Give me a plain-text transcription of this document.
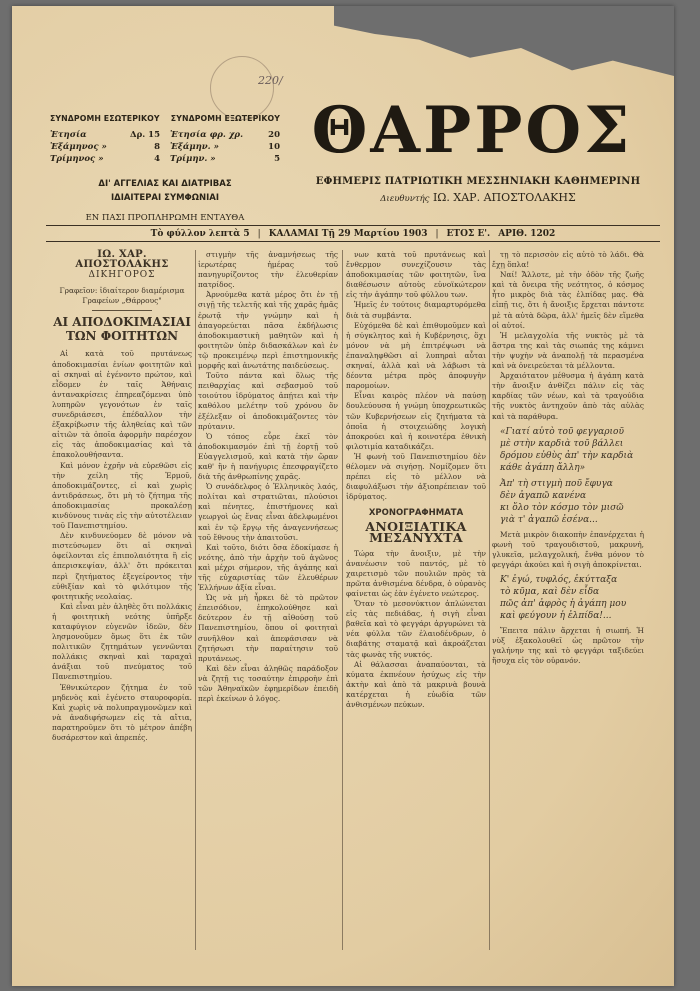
220/
ΣΥΝΔΡΟΜΗ ΕΣΩΤΕΡΙΚΟΥ ΣΥΝΔΡΟΜΗ ΕΞΩΤΕΡΙΚΟΥ
Ἐτησία	Δρ. 15
Ἐξάμηνος »	8
Τρίμηνος »	4
Ἐτησία φρ. χρ.	20
Ἐξάμην. »	10
Τρίμην. »	5
ΔΙ' ΑΓΓΕΛΙΑΣ ΚΑΙ ΔΙΑΤΡΙΒΑΣ
ΙΔΙΑΙΤΕΡΑΙ ΣΥΜΦΩΝΙΑΙ
ΕΝ ΠΑΣΙ ΠΡΟΠΛΗΡΩΜΗ ΕΝΤΑΥΘΑ
ΘΑΡΡΟΣ
ΕΦΗΜΕΡΙΣ ΠΑΤΡΙΩΤΙΚΗ ΜΕΣΣΗΝΙΑΚΗ ΚΑΘΗΜΕΡΙΝΗ
Διευθυντής ΙΩ. ΧΑΡ. ΑΠΟΣΤΟΛΑΚΗΣ
Τὸ φύλλον λεπτὰ 5 | ΚΑΛΑΜΑΙ Τῇ 29 Μαρτίου 1903 | ΕΤΟΣ Ε'. ΑΡΙΘ. 1202
ΙΩ. ΧΑΡ. ΑΠΟΣΤΟΛΑΚΗΣ
ΔΙΚΗΓΟΡΟΣ
Γραφεῖον: ἰδιαίτερον διαμέρισμα
Γραφείων „Θάρρους"
ΑΙ ΑΠΟΔΟΚΙΜΑΣΙΑΙ
ΤΩΝ ΦΟΙΤΗΤΩΝ

Αἱ κατὰ τοῦ πρυτάνεως ἀποδοκιμασίαι ἐνίων φοιτητῶν καὶ αἱ σκηναὶ αἱ ἐγένοντο πρώτον, καὶ εἶδομεν ἐν ταῖς Ἀθήναις ἀντανακρίσεις ἐπηρεαζόμεναι ὑπὸ λυπηρῶν γεγονότων ἐν ταῖς συνεδριάσεσι, ἐπέδαλλον τὴν ἐξακρίβωσιν τῆς ἀληθείας καὶ τῶν αἰτιῶν τὰ ὁποῖα ἀφορμὴν παρέσχον εἰς τὰς ἀποδοκιμασίας καὶ τὰ ἐπακολουθήσαντα.

Καὶ μόνον ἐχρῆν νὰ εὑρεθῶσι εἰς τὴν χείλη τῆς Ἑρμοῦ, ἀποδοκιμάζοντες, εἰ καὶ χωρὶς ἀντιδράσεως, ὅτι μὴ τὸ ζήτημα τῆς ἀποδοκιμασίας προκαλέσῃ κινδύνους τινὰς εἰς τὴν αὐτοτέλειαν τοῦ Πανεπιστημίου.

Δὲν κινδυνεύομεν δὲ μόνον νὰ πιστεύσωμεν ὅτι αἱ σκηναὶ ὀφείλονται εἰς ἐπιπολαιότητα ἢ εἰς ἀπερισκεψίαν, ἀλλ' ὅτι πρόκειται περὶ ζητήματος ἐξεγείροντος τὴν εὐθιξίαν καὶ τὸ φιλότιμον τῆς φοιτητικῆς νεολαίας.

Καὶ εἶναι μὲν ἀληθὲς ὅτι πολλάκις ἡ φοιτητικὴ νεότης ὑπῆρξε καταφύγιον εὐγενῶν ἰδεῶν, δὲν λησμονοῦμεν ὅμως ὅτι ἐκ τῶν πολιτικῶν ζητημάτων γεννῶνται πολλάκις σκηναὶ καὶ ταραχαὶ ἀνάξιαι τοῦ πνεύματος τοῦ Πανεπιστημίου.

Ἐθνικώτερον ζήτημα ἐν τοῦ μηδενὸς καὶ ἐγένετο σταυροφορία. Καὶ χωρὶς νὰ πολυπραγμονῶμεν καὶ νὰ ἀναδιφήσωμεν εἰς τὰ αἴτια, παρατηροῦμεν ὅτι τὸ μέτρον ἀπέβη δυσάρεστον καὶ ἀπρεπές.

στιγμὴν τῆς ἀναμνήσεως τῆς ἱερωτέρας ἡμέρας τοῦ πανηγυρίζοντος τὴν ἐλευθερίαν πατρίδος.

Ἀρνούμεθα κατὰ μέρος ὅτι ἐν τῇ σιγῇ τῆς τελετῆς καὶ τῆς χαρᾶς ἡμᾶς ἐρωτᾷ τὴν γνώμην καὶ ἡ ἀπαγορεύεται πᾶσα ἐκδήλωσις ἀποδοκιμαστικὴ μαθητῶν καὶ ἡ φοιτητῶν ὑπὲρ διδασκάλων καὶ ἐν τῷ προκειμένῳ περὶ ἐπιστημονικῆς μορφῆς καὶ ἀνωτάτης παιδεύσεως.

Τοῦτο πάντα καὶ ὅλως τῆς πειθαρχίας καὶ σεβασμοῦ τοῦ τοιούτου ἱδρύματος ἀπῄτει καὶ τὴν καθόλου μελέτην τοῦ χρόνου ὅν ἐξέλεξαν οἱ ἀποδοκιμάζοντες τὸν πρύτανιν.

Ὁ τόπος εὗρε ἐκεῖ τὸν ἀποδοκιμασμόν ἐπὶ τῇ ἐορτῇ τοῦ Εὐαγγελισμοῦ, καὶ κατὰ τὴν ὥραν καθ' ἣν ἡ πανήγυρις ἐπεσφραγίζετο διὰ τῆς ἀνθρωπίνης χαρᾶς.

Ὁ συνάδελφος ὁ Ἑλληνικὸς λαός, πολίται καὶ στρατιῶται, πλούσιοι καὶ πένητες, ἐπιστήμονες καὶ γεωργοὶ ὡς ἕνας εἶναι ἀδελφωμένοι καὶ ἐν τῷ ἔργῳ τῆς ἀναγεννήσεως τοῦ ἔθνους τὴν ἀπαιτοῦσι.

Καὶ τοῦτο, διότι ὅσα ἐδοκίμασε ἡ νεότης, ἀπὸ τὴν ἀρχὴν τοῦ ἀγῶνος καὶ μέχρι σήμερον, τῆς ἀγάπης καὶ τῆς εὐχαριστίας τῶν ἐλευθέρων Ἑλλήνων ἀξία εἶναι.

Ὡς νὰ μὴ ἦρκει δὲ τὸ πρῶτον ἐπεισόδιον, ἐπηκολούθησε καὶ δεύτερον ἐν τῇ αἰθούσῃ τοῦ Πανεπιστημίου, ὅπου οἱ φοιτηταὶ συνῆλθον καὶ ἀπεφάσισαν νὰ ζητήσωσι τὴν παραίτησιν τοῦ πρυτάνεως.

Καὶ δὲν εἶναι ἀληθῶς παράδοξον νὰ ζητῇ τις τοσαύτην ἐπιρροὴν ἐπὶ τῶν Ἀθηναϊκῶν ἐφημερίδων ἐπειδὴ περὶ ἐκείνων ὁ λόγος.

νων κατὰ τοῦ πρυτάνεως καὶ ἔνθερμον συνεχίζουσιν τὰς ἀποδοκιμασίας τῶν φοιτητῶν, ἵνα διαθέσωσιν αὐτοὺς εὐνοϊκώτερον εἰς τὴν ἀγάπην τοῦ φύλλου των.

Ἡμεῖς ἐν τούτοις διαμαρτυρόμεθα διὰ τὰ συμβάντα.

Εὐχόμεθα δὲ καὶ ἐπιθυμοῦμεν καὶ ἡ σύγκλητος καὶ ἡ Κυβέρνησις, ὅχι μόνον νὰ μὴ ἐπιτρέψωσι νὰ ἐπαναληφθῶσι αἱ λυπηραὶ αὗται σκηναί, ἀλλὰ καὶ νὰ λάβωσι τὰ δέοντα μέτρα πρὸς ἀποφυγὴν παρομοίων.

Εἶναι καιρὸς πλέον νὰ παύσῃ δουλεύουσα ἡ γνώμη ὑποχρεωτικῶς τῶν Κυβερνήσεων εἰς ζητήματα τὰ ὁποῖα ἡ στοιχειώδης λογικὴ ἀποκρούει καὶ ἡ κοινοτέρα ἐθνικὴ φιλοτιμία καταδικάζει.

Ἡ φωνὴ τοῦ Πανεπιστημίου δὲν θέλομεν νὰ σιγήσῃ. Νομίζομεν ὅτι πρέπει εἰς τὸ μέλλον νὰ διαφυλάξωσι τὴν ἀξιοπρέπειαν τοῦ ἱδρύματος.

ΧΡΟΝΟΓΡΑΦΗΜΑΤΑ
ΑΝΟΙΞΙΑΤΙΚΑ ΜΕΣΑΝΥΧΤΑ

Τώρα τὴν ἄνοιξιν, μὲ τὴν ἀνανέωσιν τοῦ παντός, μὲ τὸ χαιρετισμὸ τῶν πουλιῶν πρὸς τὰ πρῶτα ἀνθισμένα δένδρα, ὁ οὐρανὸς φαίνεται ὡς ἐὰν ἐγένετο νεώτερος.

Ὅταν τὸ μεσονύκτιον ἁπλώνεται εἰς τὰς πεδιάδας, ἡ σιγὴ εἶναι βαθεῖα καὶ τὸ φεγγάρι ἀργυρώνει τὰ νέα φύλλα τῶν ἐλαιοδένδρων, ὁ διαβάτης σταματᾷ καὶ ἀκροάζεται τὰς φωνὰς τῆς νυκτός.

Αἱ θάλασσαι ἀναπαύονται, τὰ κύματα ἐκπνέουν ἠσύχως εἰς τὴν ἀκτὴν καὶ ἀπὸ τὰ μακρινὰ βουνὰ κατέρχεται ἡ εὐωδία τῶν ἀνθισμένων πεύκων.

τῃ τὸ περισσὸν εἰς αὐτὸ τὸ λάδι. Θὰ ἔχῃ ὅπλα!

Ναί! Ἄλλοτε, μὲ τὴν ὁδὸν τῆς ζωῆς καὶ τὰ ὄνειρα τῆς νεότητος, ὁ κόσμος ἦτο μικρὸς διὰ τὰς ἐλπίδας μας. Θὰ εἰπῇ τις, ὅτι ἡ ἄνοιξις ἔρχεται πάντοτε μὲ τὰ αὐτὰ δῶρα, ἀλλ' ἡμεῖς δὲν εἴμεθα οἱ αὐτοί.

Ἡ μελαγχολία τῆς νυκτὸς μὲ τὰ ἄστρα της καὶ τὰς σιωπάς της κάμνει τὴν ψυχὴν νὰ ἀναπολῇ τὰ περασμένα καὶ νὰ ὀνειρεύεται τὰ μέλλοντα.

Ἀρχαιότατον μέθυσμα ἡ ἀγάπη κατὰ τὴν ἄνοιξιν ἀνθίζει πάλιν εἰς τὰς καρδίας τῶν νέων, καὶ τὰ τραγούδια τῆς νυκτὸς ἀντηχοῦν ἀπὸ τὰς αὐλὰς καὶ τὰ παράθυρα.

«Γιατί αὐτὸ τοῦ φεγγαριοῦ
μὲ στὴν καρδιὰ τοῦ βάλλει
δρόμου εὐθὺς ἀπ' τὴν καρδιὰ
κάθε ἀγάπη ἄλλη»
Ἀπ' τὴ στιγμὴ ποῦ ἔφυγα
δὲν ἀγαπῶ κανένα
κι ὅλο τὸν κόσμο τὸν μισῶ
γιὰ τ' ἀγαπῶ ἐσένα...

Μετὰ μικρὸν διακοπὴν ἐπανέρχεται ἡ φωνὴ τοῦ τραγουδιστοῦ, μακρυνή, γλυκεῖα, μελαγχολική, ἔνθα μόνον τὸ φεγγάρι ἀκούει καὶ ἡ σιγὴ ἀποκρίνεται.

Κ' ἐγώ, τυφλός, ἐκύτταξα
τὸ κῦμα, καὶ δὲν εἶδα
πῶς ἀπ' ἀφρὸς ἡ ἀγάπη μου
καὶ φεύγουν ἡ ἐλπίδα!...

Ἔπειτα πάλιν ἄρχεται ἡ σιωπή. Ἡ νὺξ ἐξακολουθεῖ ὡς πρῶτον τὴν γαλήνην της καὶ τὸ φεγγάρι ταξιδεύει ἥσυχα εἰς τὸν οὐρανόν.
